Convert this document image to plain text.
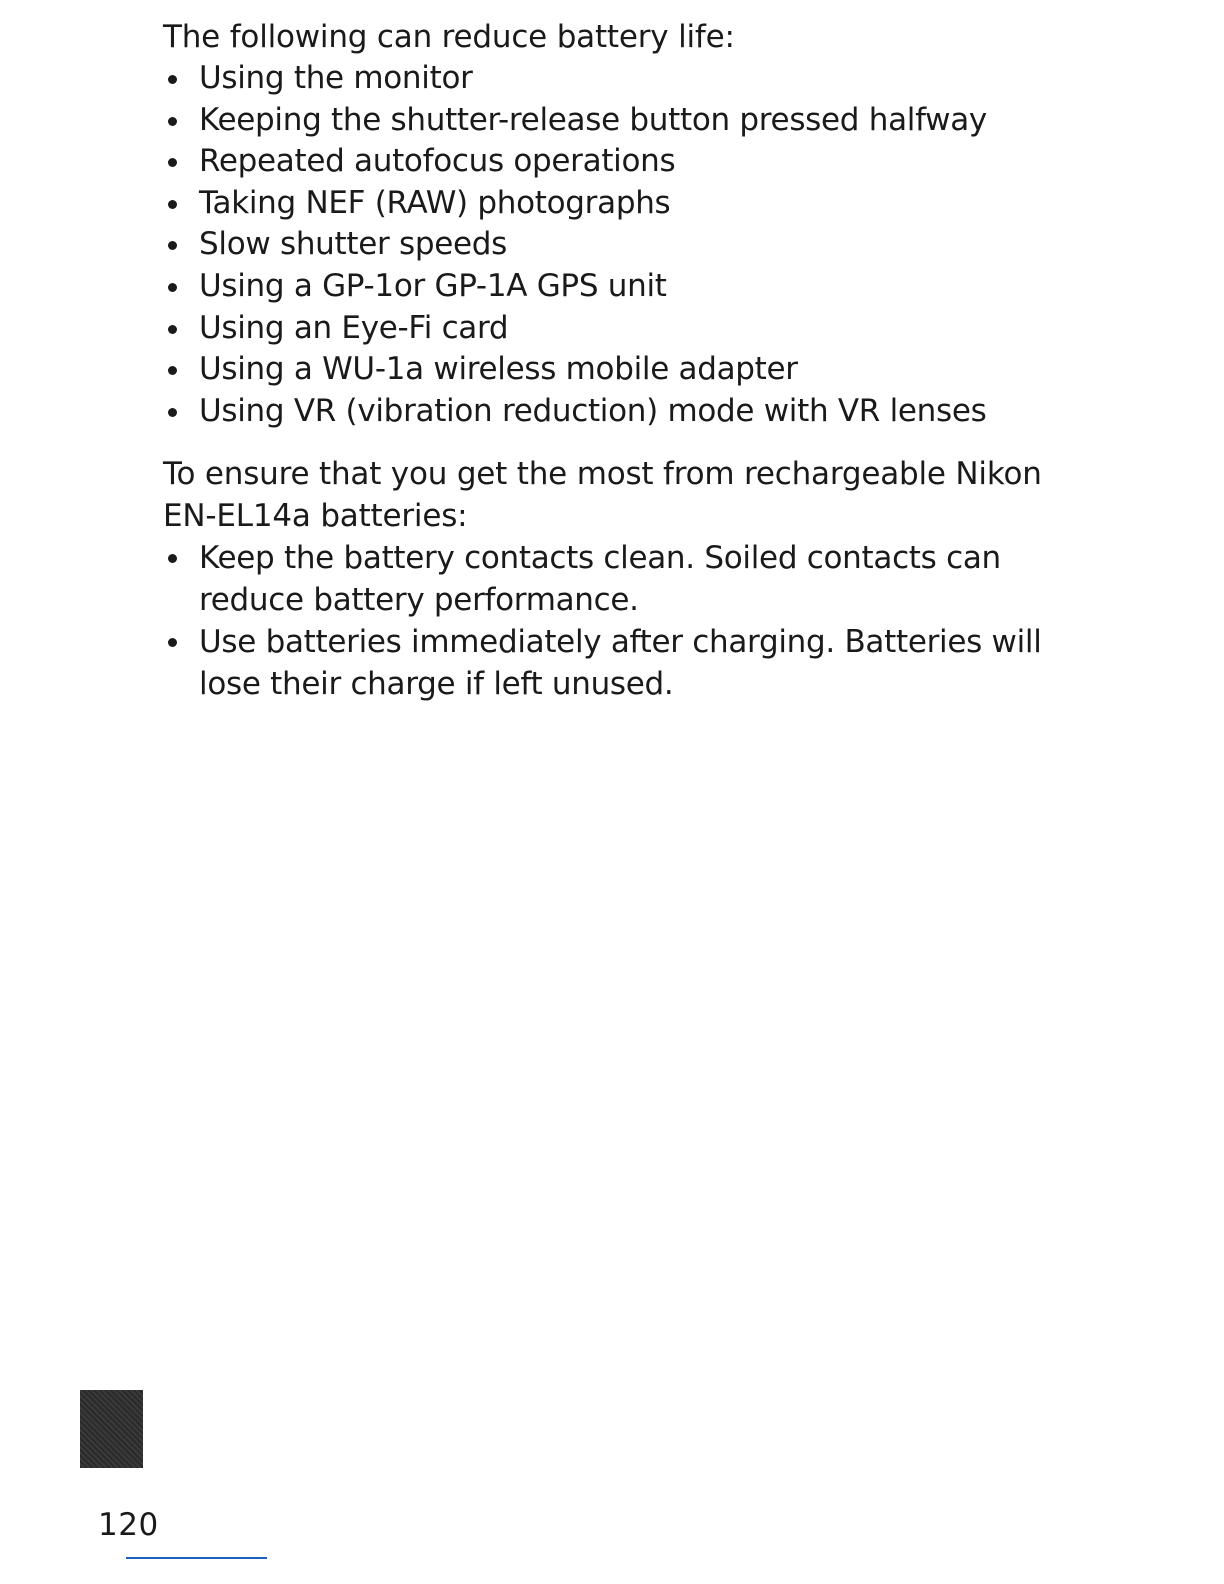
The following can reduce battery life:

Using the monitor
Keeping the shutter-release button pressed halfway
Repeated autofocus operations
Taking NEF (RAW) photographs
Slow shutter speeds
Using a GP-1or GP-1A GPS unit
Using an Eye-Fi card
Using a WU-1a wireless mobile adapter
Using VR (vibration reduction) mode with VR lenses

To ensure that you get the most from rechargeable Nikon
EN-EL14a batteries:

Keep the battery contacts clean. Soiled contacts can reduce battery performance.
Use batteries immediately after charging. Batteries will lose their charge if left unused.
120
